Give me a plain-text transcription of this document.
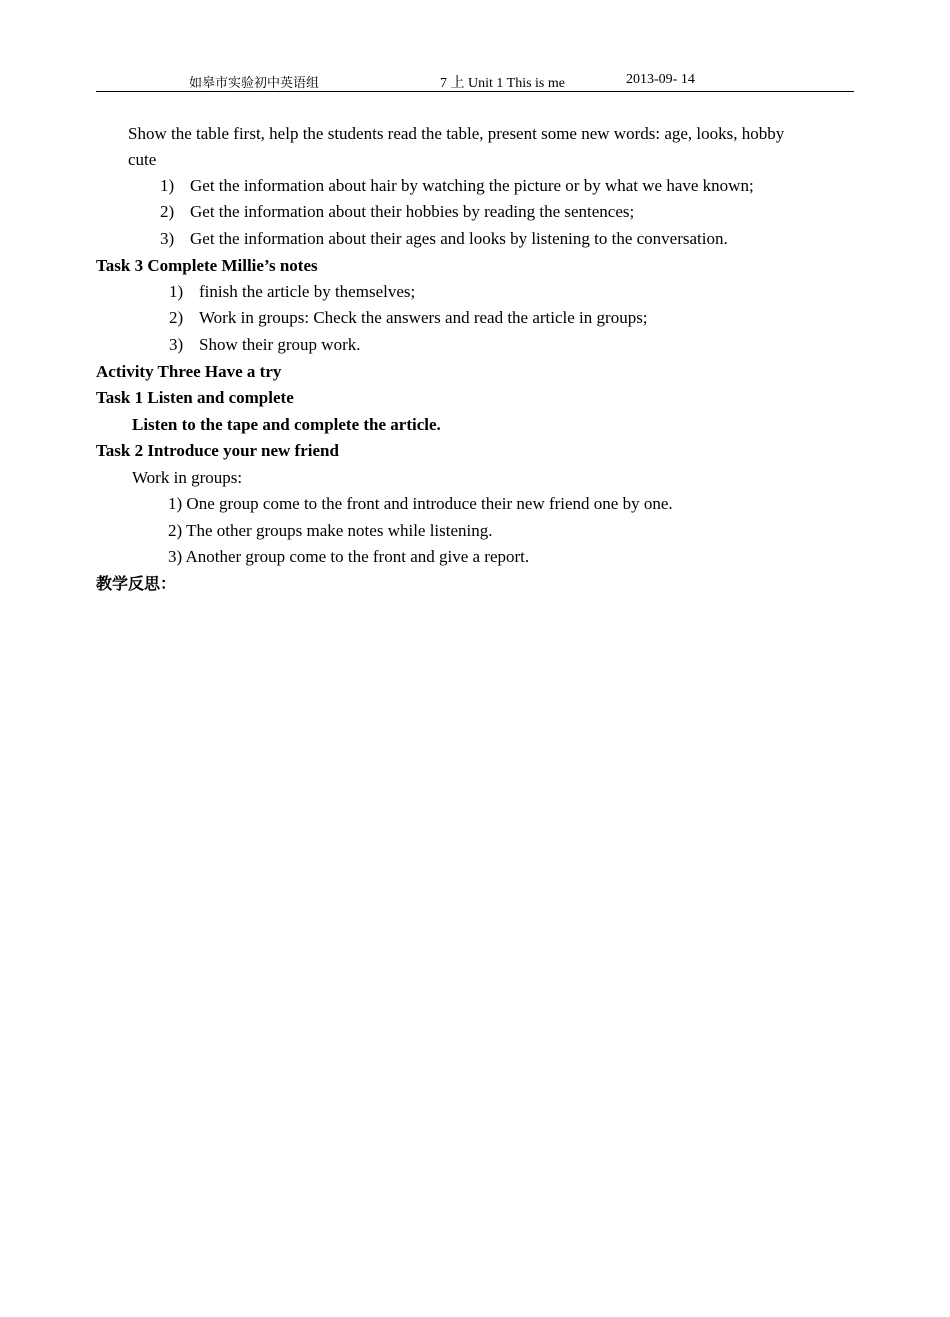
如皋市实验初中英语组	7 上 Unit 1 This is me	2013-09- 14
Show the table first, help the students read the table, present some new words: age, looks, hobby
cute
1) Get the information about hair by watching the picture or by what we have known;
2) Get the information about their hobbies by reading the sentences;
3) Get the information about their ages and looks by listening to the conversation.
Task 3 Complete Millie’s notes
1) finish the article by themselves;
2) Work in groups: Check the answers and read the article in groups;
3) Show their group work.
Activity Three Have a try
Task 1 Listen and complete
Listen to the tape and complete the article.
Task 2 Introduce your new friend
Work in groups:
1) One group come to the front and introduce their new friend one by one.
2) The other groups make notes while listening.
3) Another group come to the front and give a report.
教学反思：
